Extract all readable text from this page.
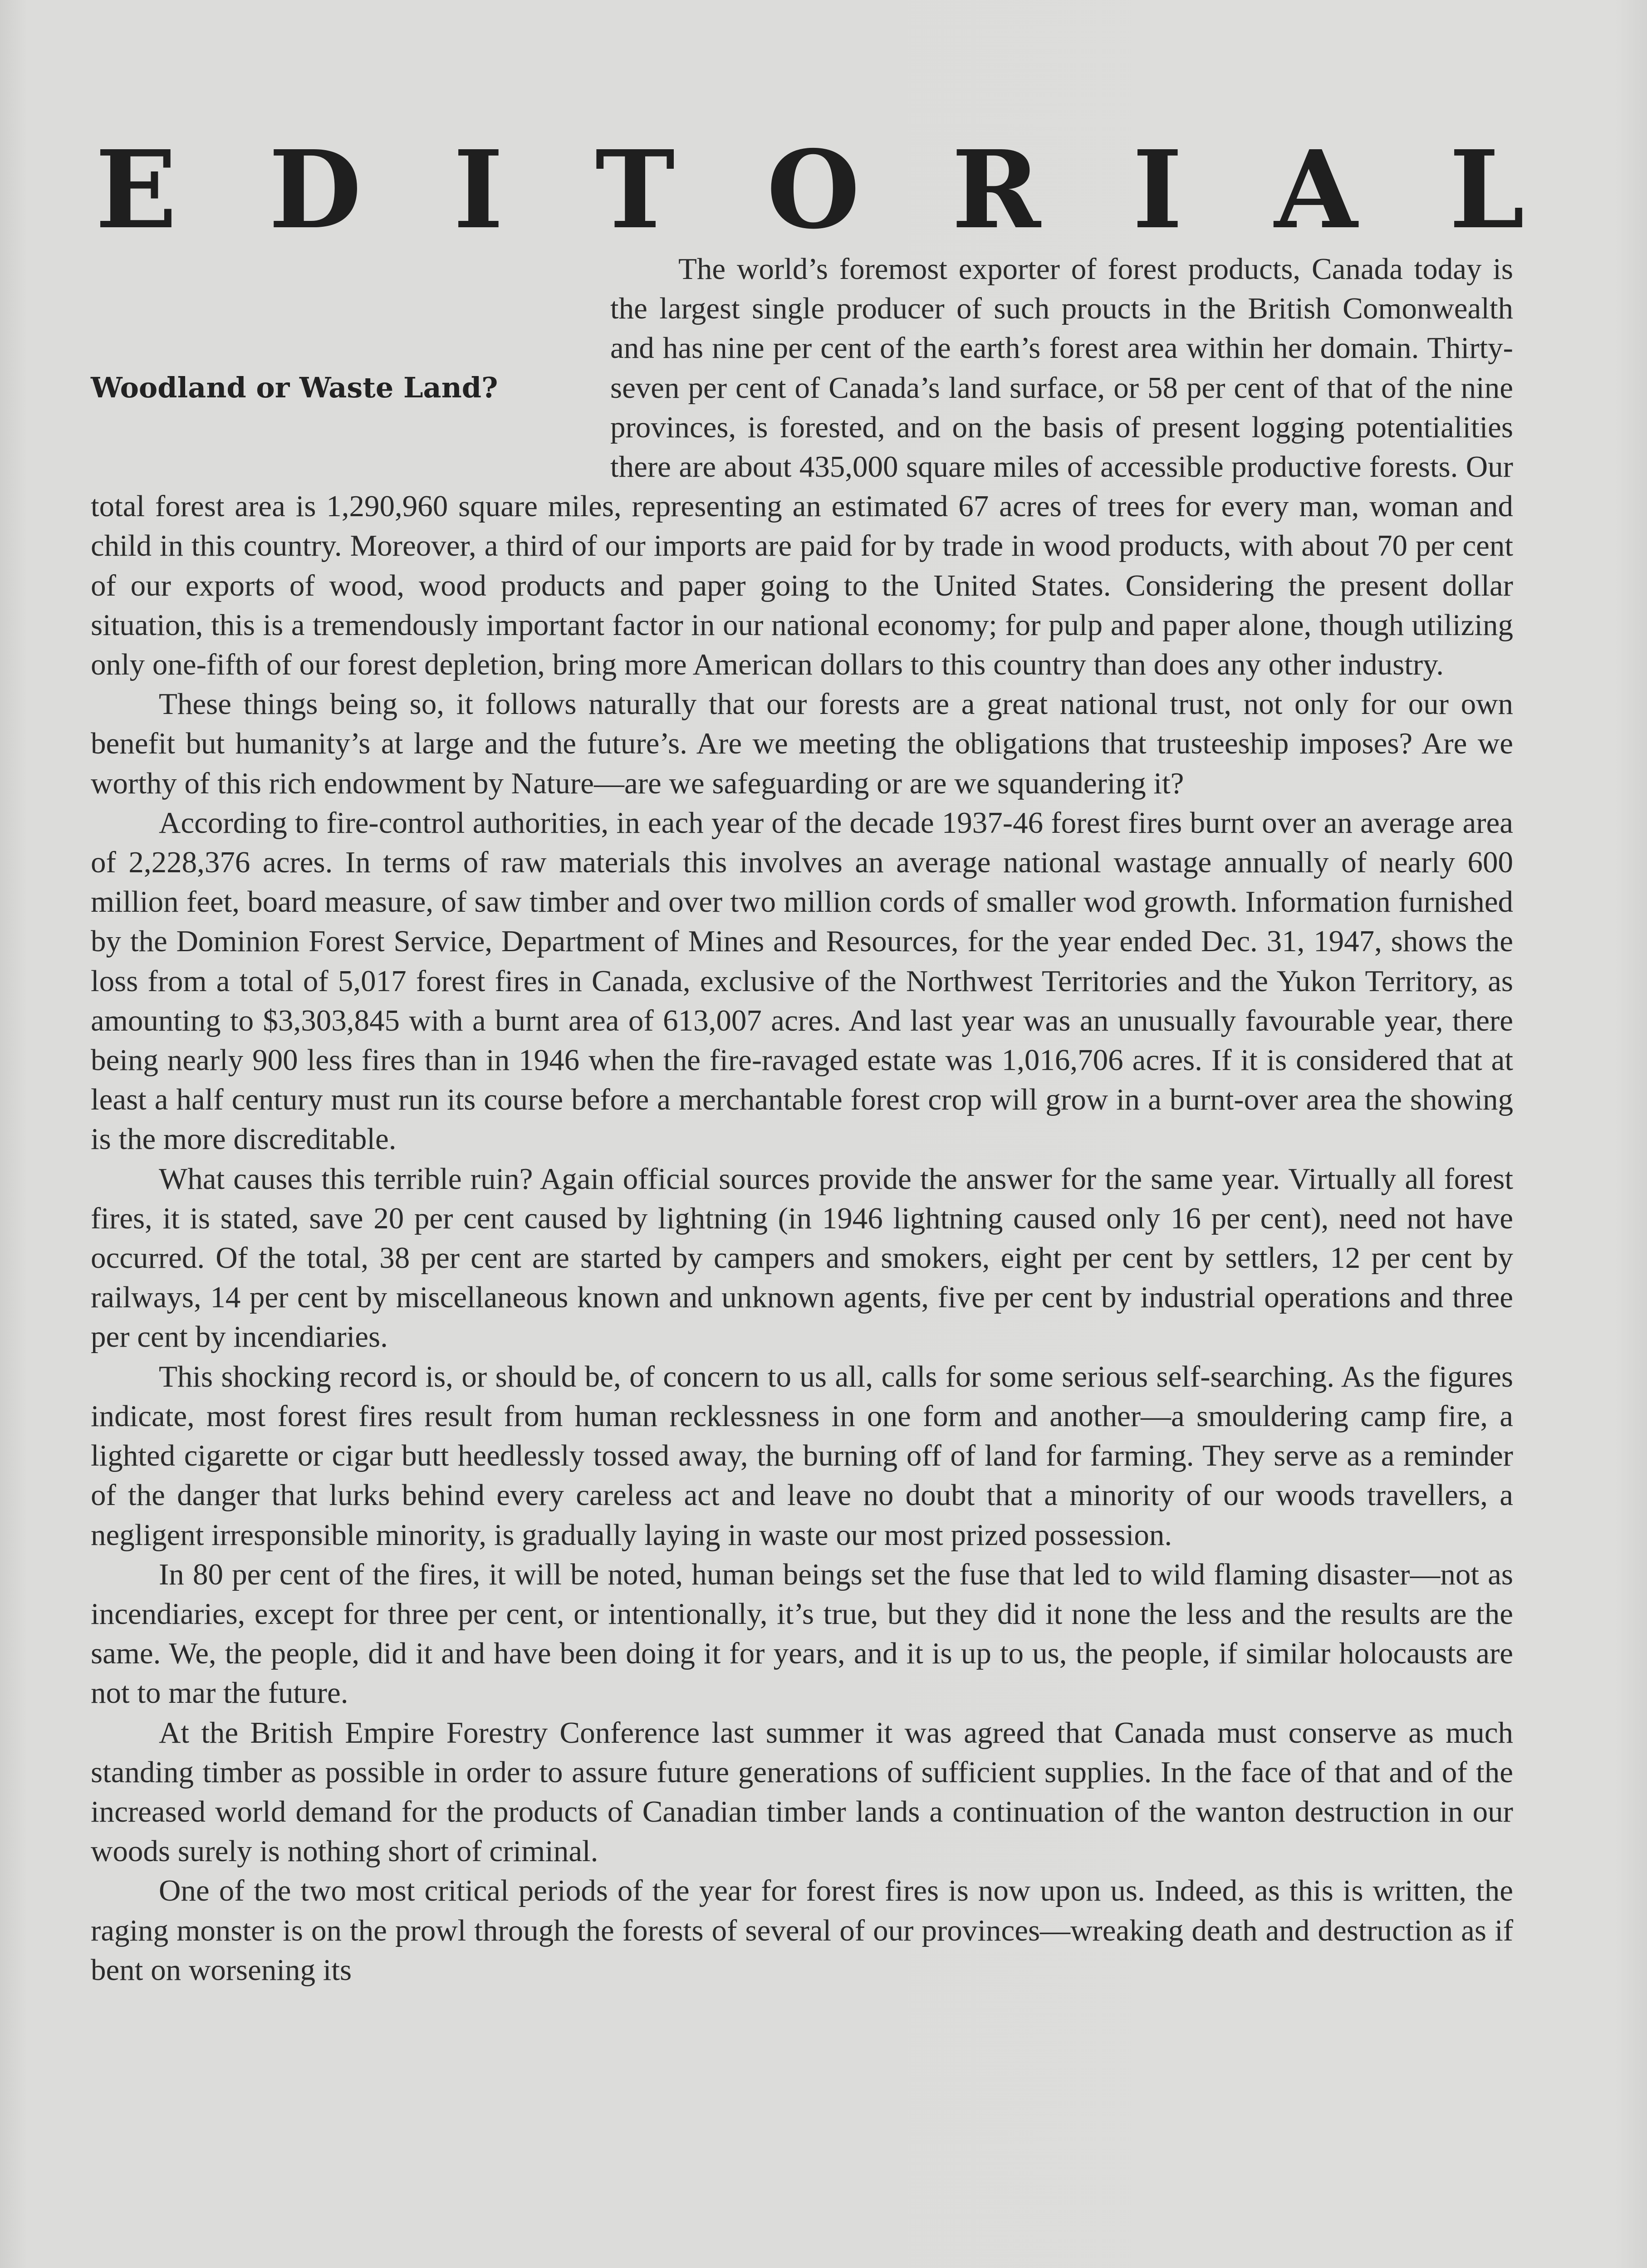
E D I T O R I A L
Woodland or Waste Land?

The world’s foremost exporter of forest products, Canada today is the largest single producer of such proucts in the British Comonwealth and has nine per cent of the earth’s forest area within her domain. Thirty-seven per cent of Canada’s land surface, or 58 per cent of that of the nine provinces, is forested, and on the basis of present logging potentialities there are about 435,000 square miles of accessible productive forests. Our total forest area is 1,290,960 square miles, representing an estimated 67 acres of trees for every man, woman and child in this country. Moreover, a third of our imports are paid for by trade in wood products, with about 70 per cent of our exports of wood, wood products and paper going to the United States. Considering the present dollar situation, this is a tremendously important factor in our national economy; for pulp and paper alone, though utilizing only one-fifth of our forest depletion, bring more American dollars to this country than does any other industry.

These things being so, it follows naturally that our forests are a great national trust, not only for our own benefit but humanity’s at large and the future’s. Are we meeting the obligations that trusteeship imposes? Are we worthy of this rich endowment by Nature—are we safeguarding or are we squandering it?

According to fire-control authorities, in each year of the decade 1937-46 forest fires burnt over an average area of 2,228,376 acres. In terms of raw materials this involves an average national wastage annually of nearly 600 million feet, board measure, of saw timber and over two million cords of smaller wod growth. Information furnished by the Dominion Forest Service, Department of Mines and Resources, for the year ended Dec. 31, 1947, shows the loss from a total of 5,017 forest fires in Canada, exclusive of the Northwest Territories and the Yukon Territory, as amounting to $3,303,845 with a burnt area of 613,007 acres. And last year was an unusually favourable year, there being nearly 900 less fires than in 1946 when the fire-ravaged estate was 1,016,706 acres. If it is considered that at least a half century must run its course before a merchantable forest crop will grow in a burnt-over area the showing is the more discreditable.

What causes this terrible ruin? Again official sources provide the answer for the same year. Virtually all forest fires, it is stated, save 20 per cent caused by lightning (in 1946 lightning caused only 16 per cent), need not have occurred. Of the total, 38 per cent are started by campers and smokers, eight per cent by settlers, 12 per cent by railways, 14 per cent by miscellaneous known and unknown agents, five per cent by industrial operations and three per cent by incendiaries.

This shocking record is, or should be, of concern to us all, calls for some serious self-searching. As the figures indicate, most forest fires result from human recklessness in one form and another—a smouldering camp fire, a lighted cigarette or cigar butt heedlessly tossed away, the burning off of land for farming. They serve as a reminder of the danger that lurks behind every careless act and leave no doubt that a minority of our woods travellers, a negligent irresponsible minority, is gradually laying in waste our most prized possession.

In 80 per cent of the fires, it will be noted, human beings set the fuse that led to wild flaming disaster—not as incendiaries, except for three per cent, or intentionally, it’s true, but they did it none the less and the results are the same. We, the people, did it and have been doing it for years, and it is up to us, the people, if similar holocausts are not to mar the future.

At the British Empire Forestry Conference last summer it was agreed that Canada must conserve as much standing timber as possible in order to assure future generations of sufficient supplies. In the face of that and of the increased world demand for the products of Canadian timber lands a continuation of the wanton destruction in our woods surely is nothing short of criminal.

One of the two most critical periods of the year for forest fires is now upon us. Indeed, as this is written, the raging monster is on the prowl through the forests of several of our provinces—wreaking death and destruction as if bent on worsening its
